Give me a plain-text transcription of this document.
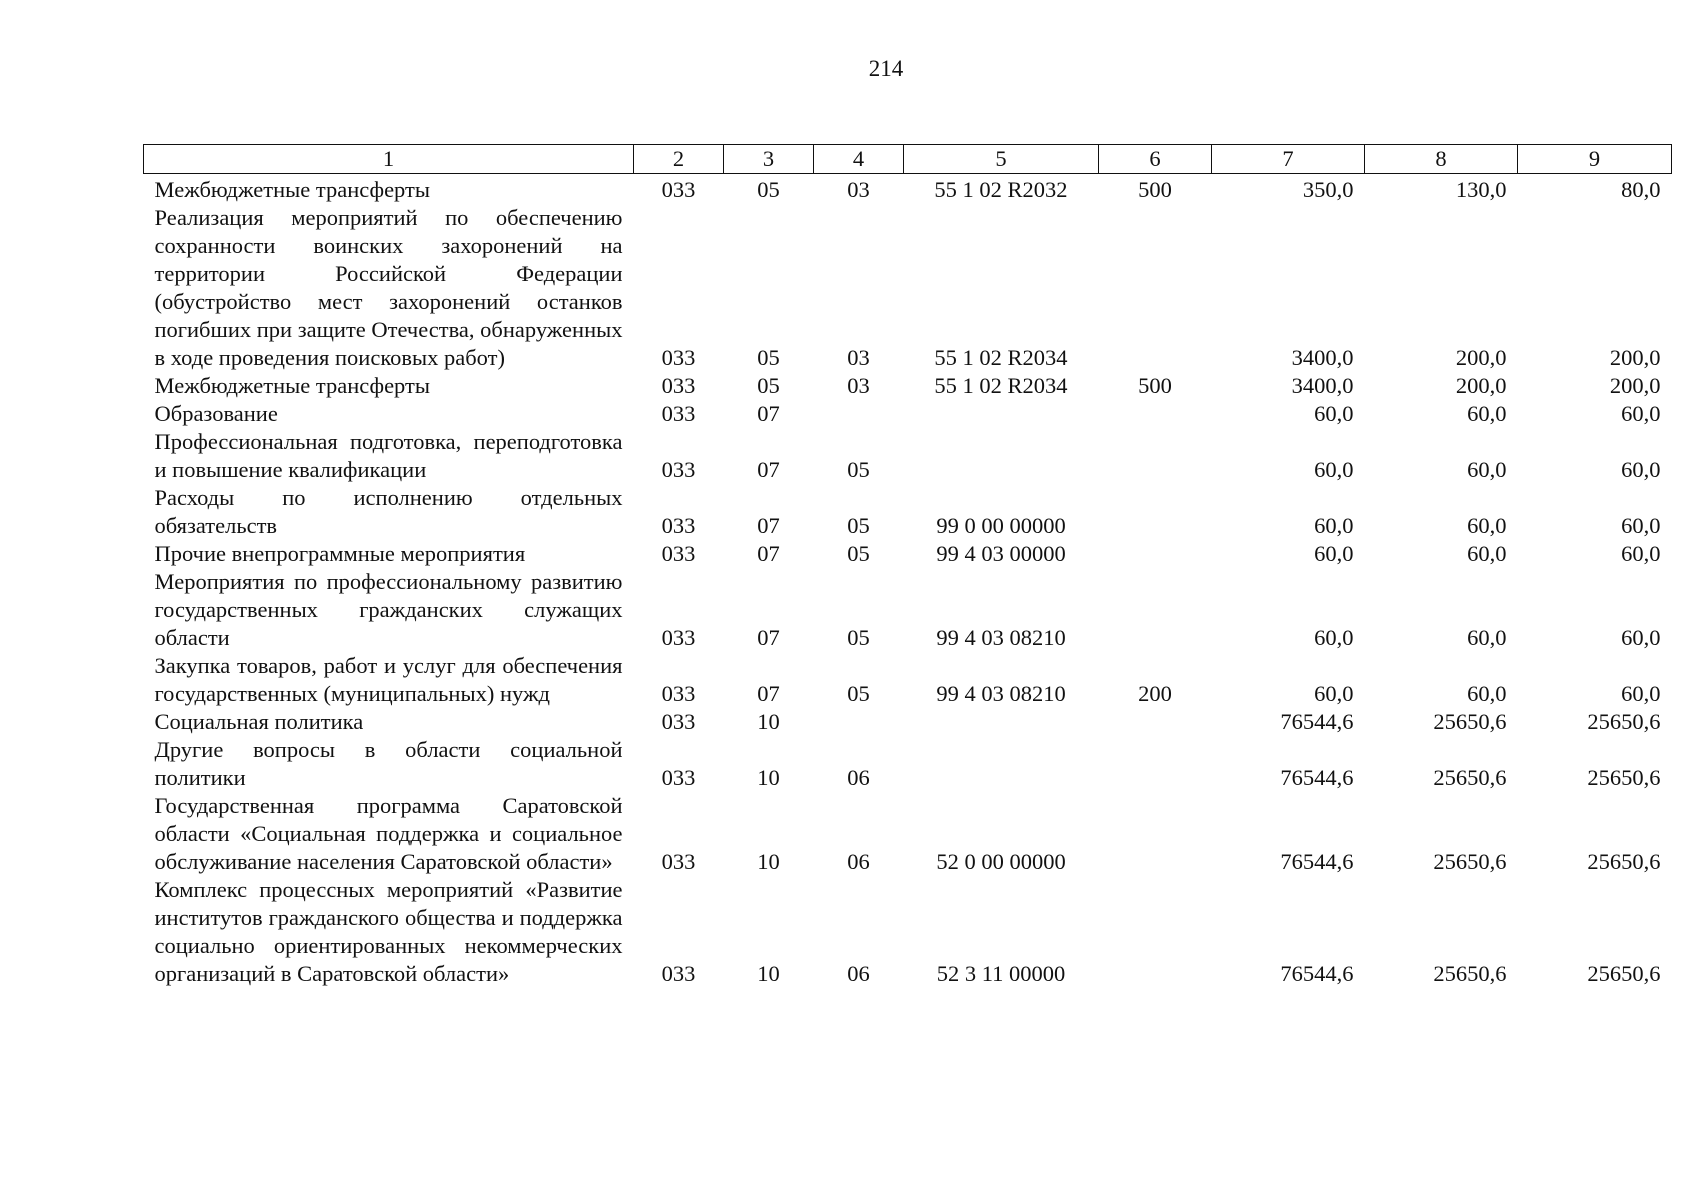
214
1	2	3	4	5	6	7	8	9
Межбюджетные трансферты	033	05	03	55 1 02 R2032	500	350,0	130,0	80,0
Реализация мероприятий по обеспечению сохранности воинских захоронений на территории Российской Федерации (обустройство мест захоронений останков погибших при защите Отечества, обнаруженных в ходе проведения поисковых работ)	033	05	03	55 1 02 R2034		3400,0	200,0	200,0
Межбюджетные трансферты	033	05	03	55 1 02 R2034	500	3400,0	200,0	200,0
Образование	033	07				60,0	60,0	60,0
Профессиональная подготовка, переподготовка и повышение квалификации	033	07	05			60,0	60,0	60,0
Расходы по исполнению отдельных обязательств	033	07	05	99 0 00 00000		60,0	60,0	60,0
Прочие внепрограммные мероприятия	033	07	05	99 4 03 00000		60,0	60,0	60,0
Мероприятия по профессиональному развитию государственных гражданских служащих области	033	07	05	99 4 03 08210		60,0	60,0	60,0
Закупка товаров, работ и услуг для обеспечения государственных (муниципальных) нужд	033	07	05	99 4 03 08210	200	60,0	60,0	60,0
Социальная политика	033	10				76544,6	25650,6	25650,6
Другие вопросы в области социальной политики	033	10	06			76544,6	25650,6	25650,6
Государственная программа Саратовской области «Социальная поддержка и социальное обслуживание населения Саратовской области»	033	10	06	52 0 00 00000		76544,6	25650,6	25650,6
Комплекс процессных мероприятий «Развитие институтов гражданского общества и поддержка социально ориентированных некоммерческих организаций в Саратовской области»	033	10	06	52 3 11 00000		76544,6	25650,6	25650,6
